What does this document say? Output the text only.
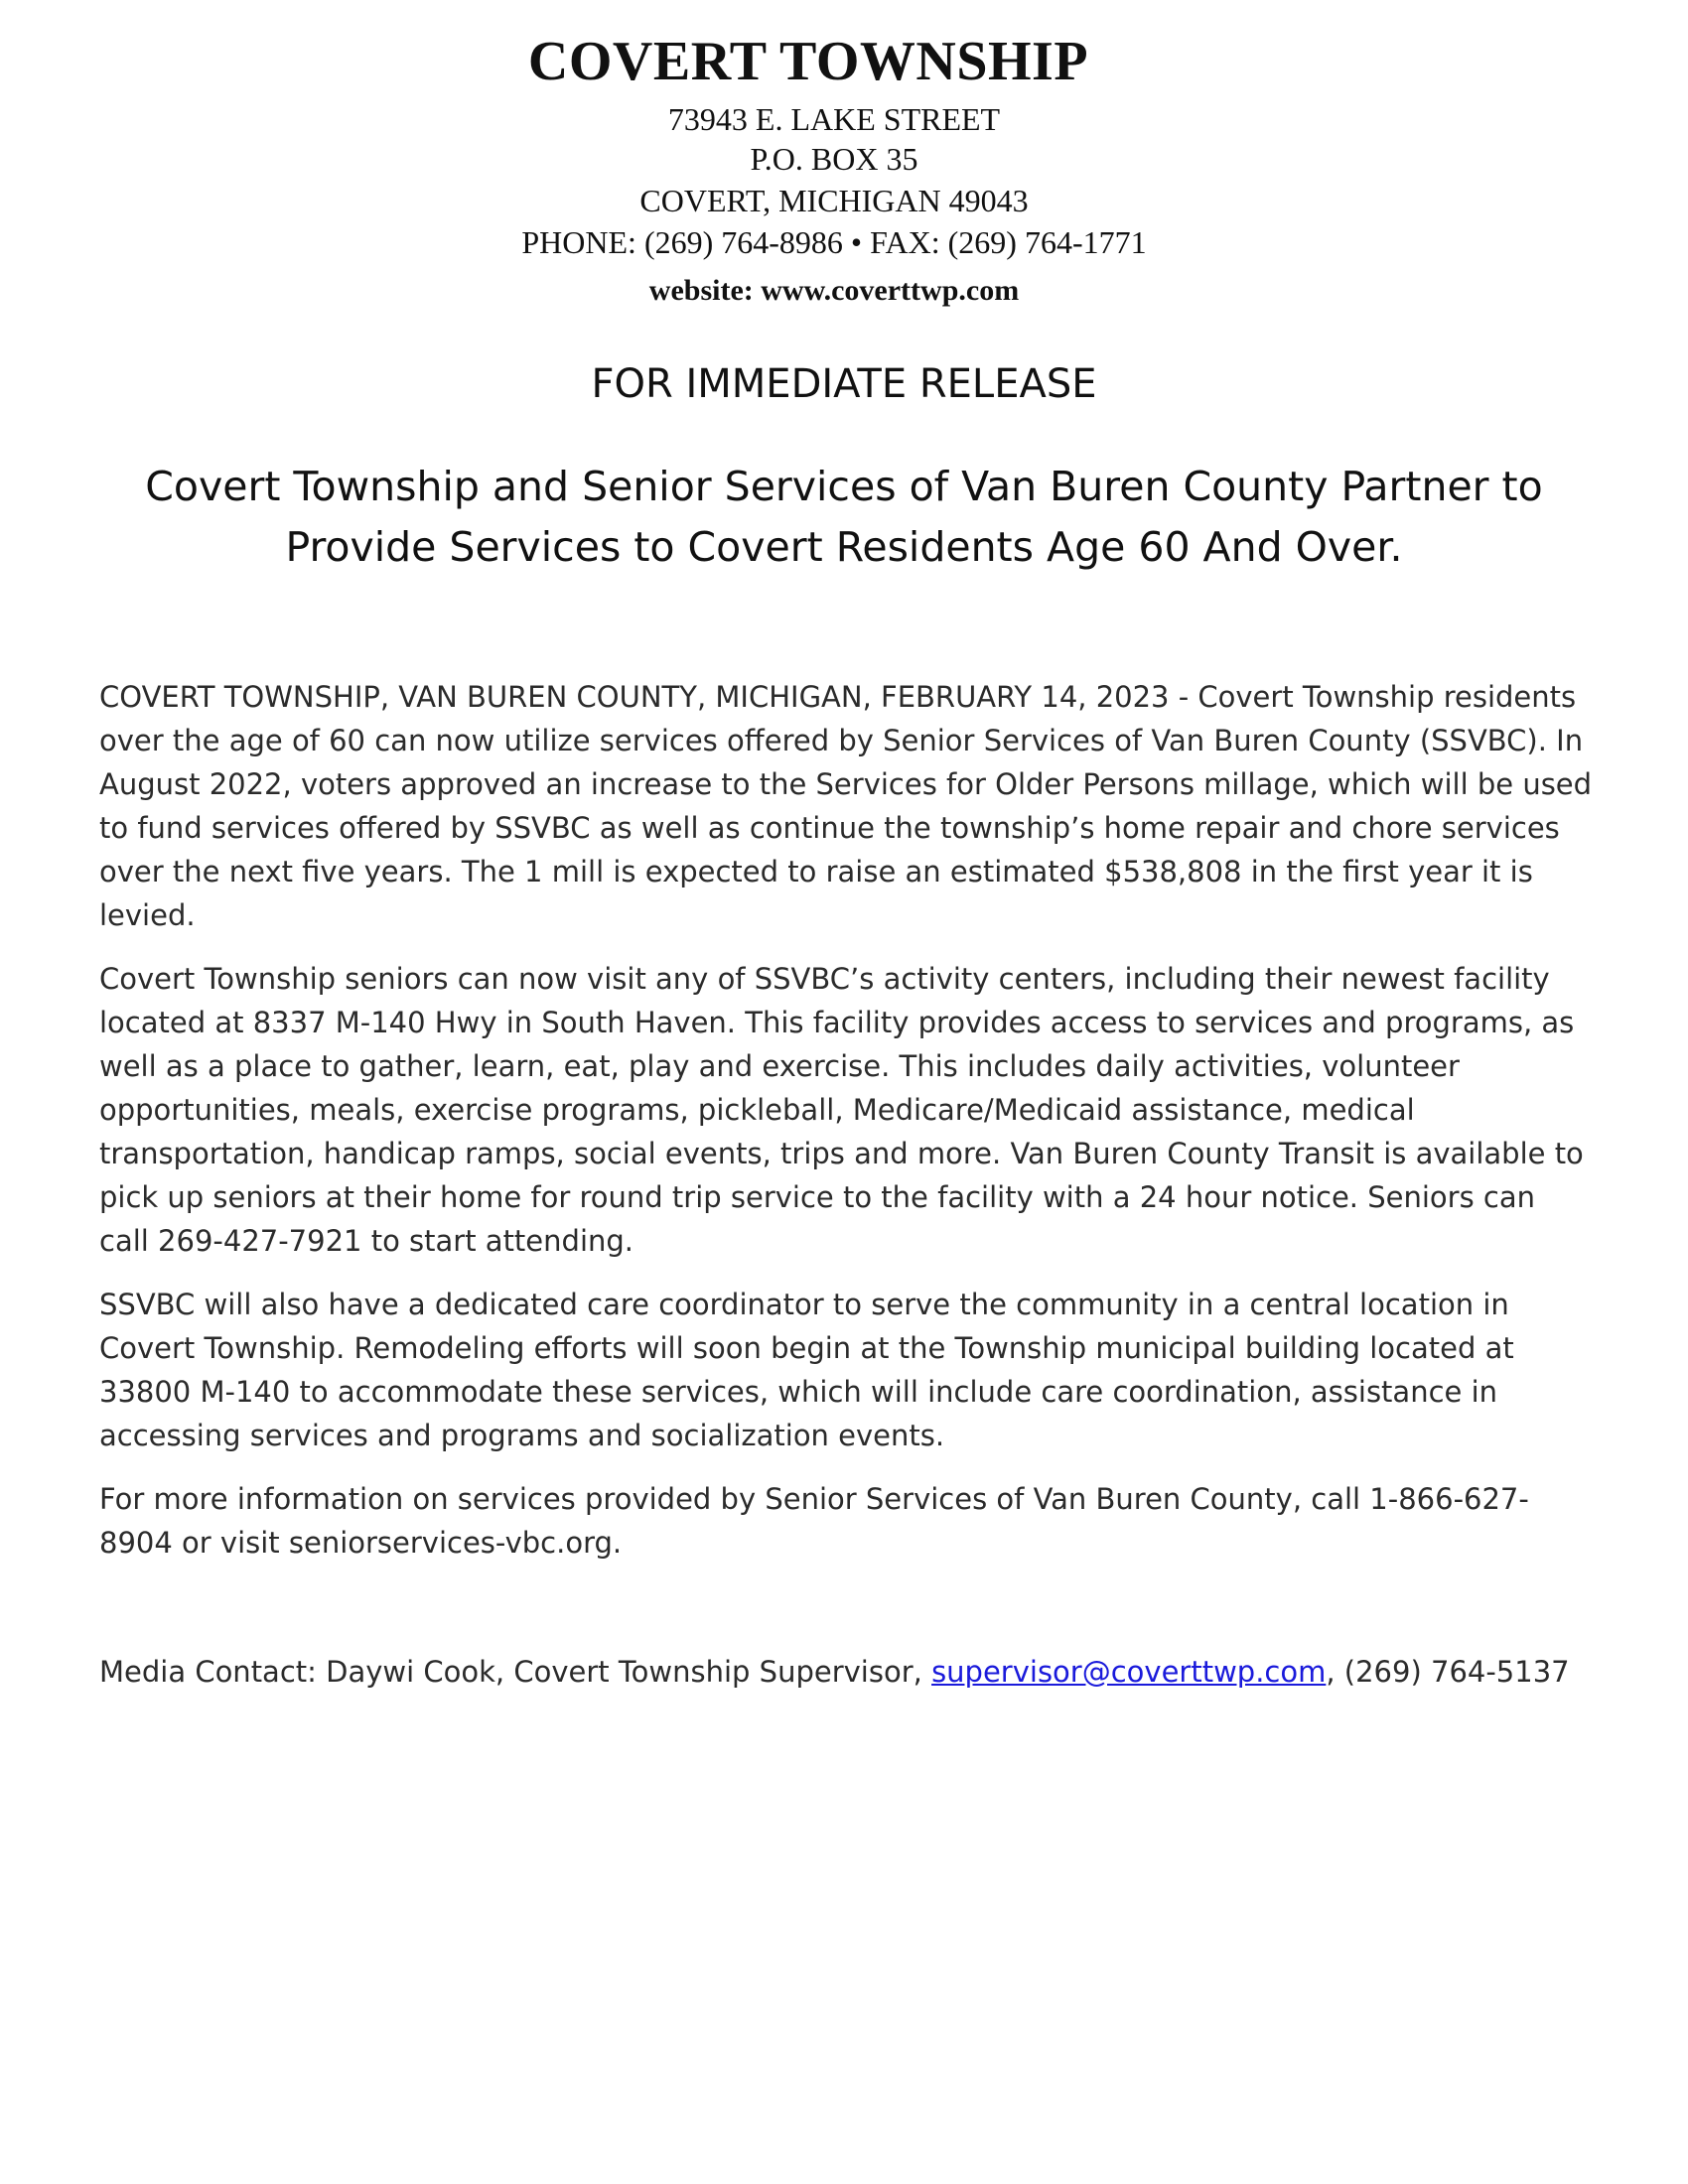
COVERT TOWNSHIP
73943 E. LAKE STREET
P.O. BOX 35
COVERT, MICHIGAN 49043
PHONE: (269) 764-8986 • FAX: (269) 764-1771
website: www.coverttwp.com
FOR IMMEDIATE RELEASE
Covert Township and Senior Services of Van Buren County Partner to
Provide Services to Covert Residents Age 60 And Over.

COVERT TOWNSHIP, VAN BUREN COUNTY, MICHIGAN, FEBRUARY 14, 2023 - Covert Township residents over the age of 60 can now utilize services offered by Senior Services of Van Buren County (SSVBC). In August 2022, voters approved an increase to the Services for Older Persons millage, which will be used to fund services offered by SSVBC as well as continue the township’s home repair and chore services over the next five years. The 1 mill is expected to raise an estimated $538,808 in the first year it is levied.

Covert Township seniors can now visit any of SSVBC’s activity centers, including their newest facility located at 8337 M-140 Hwy in South Haven. This facility provides access to services and programs, as well as a place to gather, learn, eat, play and exercise. This includes daily activities, volunteer opportunities, meals, exercise programs, pickleball, Medicare/Medicaid assistance, medical transportation, handicap ramps, social events, trips and more. Van Buren County Transit is available to pick up seniors at their home for round trip service to the facility with a 24 hour notice. Seniors can call 269-427-7921 to start attending.

SSVBC will also have a dedicated care coordinator to serve the community in a central location in Covert Township. Remodeling efforts will soon begin at the Township municipal building located at 33800 M-140 to accommodate these services, which will include care coordination, assistance in accessing services and programs and socialization events.

For more information on services provided by Senior Services of Van Buren County, call 1-866-627-8904 or visit seniorservices-vbc.org.

Media Contact: Daywi Cook, Covert Township Supervisor, supervisor@coverttwp.com, (269) 764-5137
